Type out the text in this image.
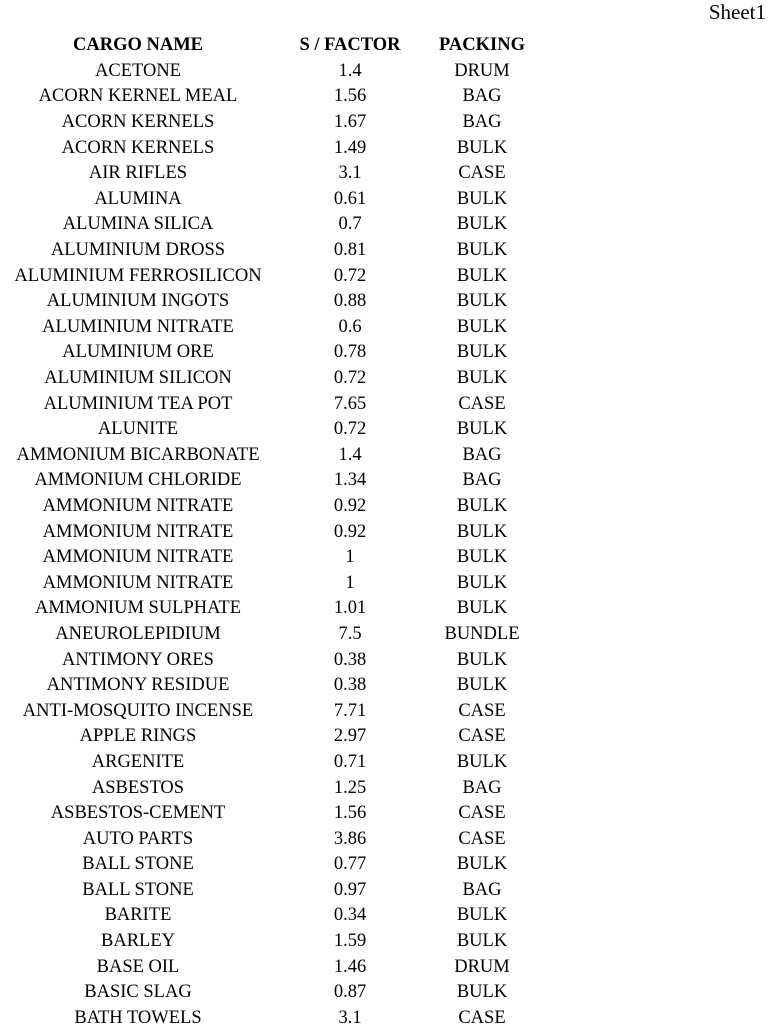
Sheet1
CARGO NAME	S / FACTOR	PACKING
ACETONE	1.4	DRUM
ACORN KERNEL MEAL	1.56	BAG
ACORN KERNELS	1.67	BAG
ACORN KERNELS	1.49	BULK
AIR RIFLES	3.1	CASE
ALUMINA	0.61	BULK
ALUMINA SILICA	0.7	BULK
ALUMINIUM DROSS	0.81	BULK
ALUMINIUM FERROSILICON	0.72	BULK
ALUMINIUM INGOTS	0.88	BULK
ALUMINIUM NITRATE	0.6	BULK
ALUMINIUM ORE	0.78	BULK
ALUMINIUM SILICON	0.72	BULK
ALUMINIUM TEA POT	7.65	CASE
ALUNITE	0.72	BULK
AMMONIUM BICARBONATE	1.4	BAG
AMMONIUM CHLORIDE	1.34	BAG
AMMONIUM NITRATE	0.92	BULK
AMMONIUM NITRATE	0.92	BULK
AMMONIUM NITRATE	1	BULK
AMMONIUM NITRATE	1	BULK
AMMONIUM SULPHATE	1.01	BULK
ANEUROLEPIDIUM	7.5	BUNDLE
ANTIMONY ORES	0.38	BULK
ANTIMONY RESIDUE	0.38	BULK
ANTI-MOSQUITO INCENSE	7.71	CASE
APPLE RINGS	2.97	CASE
ARGENITE	0.71	BULK
ASBESTOS	1.25	BAG
ASBESTOS-CEMENT	1.56	CASE
AUTO PARTS	3.86	CASE
BALL STONE	0.77	BULK
BALL STONE	0.97	BAG
BARITE	0.34	BULK
BARLEY	1.59	BULK
BASE OIL	1.46	DRUM
BASIC SLAG	0.87	BULK
BATH TOWELS	3.1	CASE
